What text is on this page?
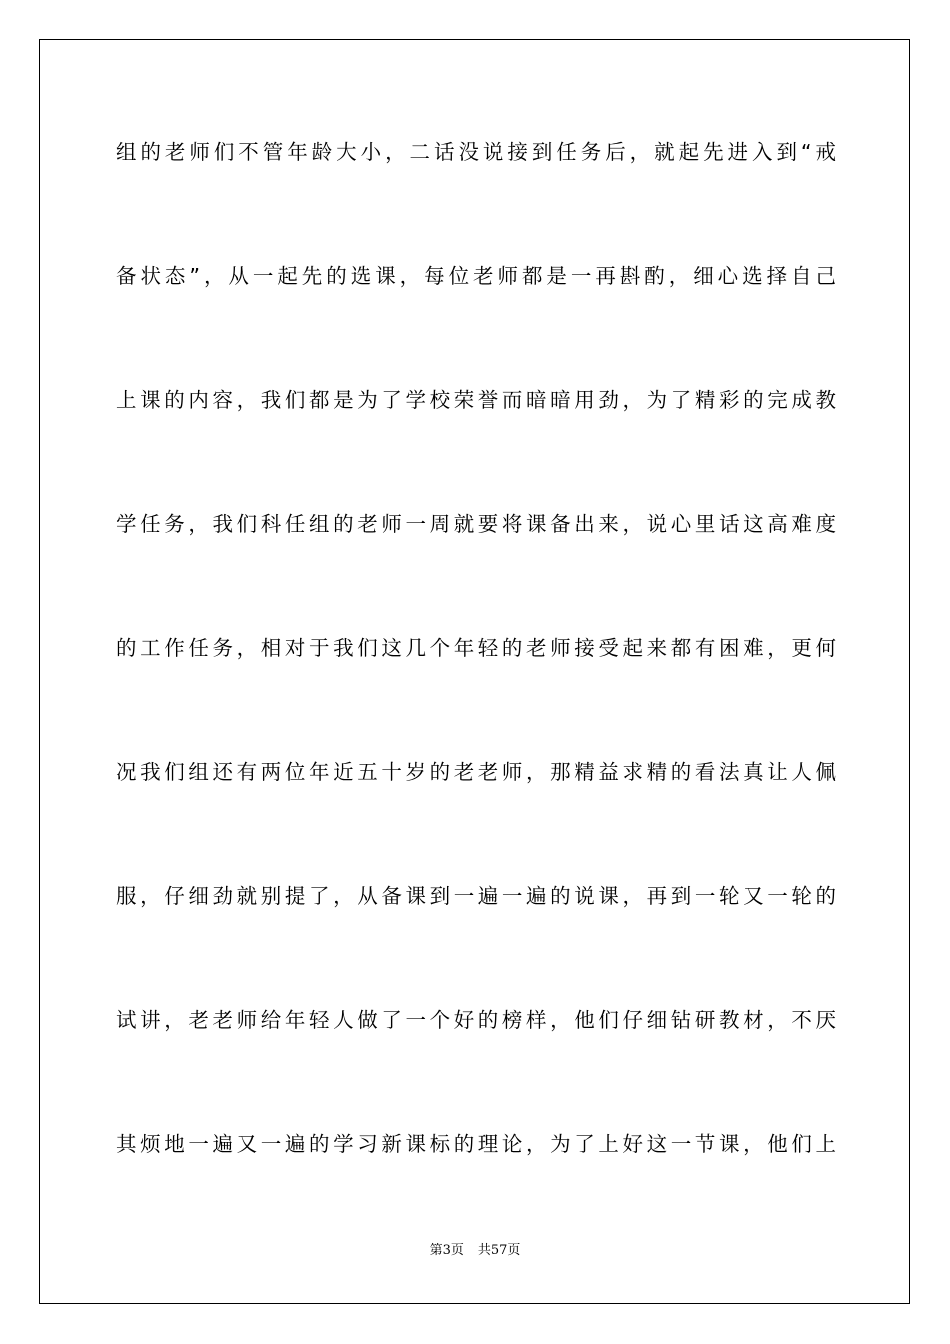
组的老师们不管年龄大小，二话没说接到任务后，就起先进入到“戒
备状态”，从一起先的选课，每位老师都是一再斟酌，细心选择自己
上课的内容，我们都是为了学校荣誉而暗暗用劲，为了精彩的完成教
学任务，我们科任组的老师一周就要将课备出来，说心里话这高难度
的工作任务，相对于我们这几个年轻的老师接受起来都有困难，更何
况我们组还有两位年近五十岁的老老师，那精益求精的看法真让人佩
服，仔细劲就别提了，从备课到一遍一遍的说课，再到一轮又一轮的
试讲，老老师给年轻人做了一个好的榜样，他们仔细钻研教材，不厌
其烦地一遍又一遍的学习新课标的理论，为了上好这一节课，他们上
第3页 共57页
